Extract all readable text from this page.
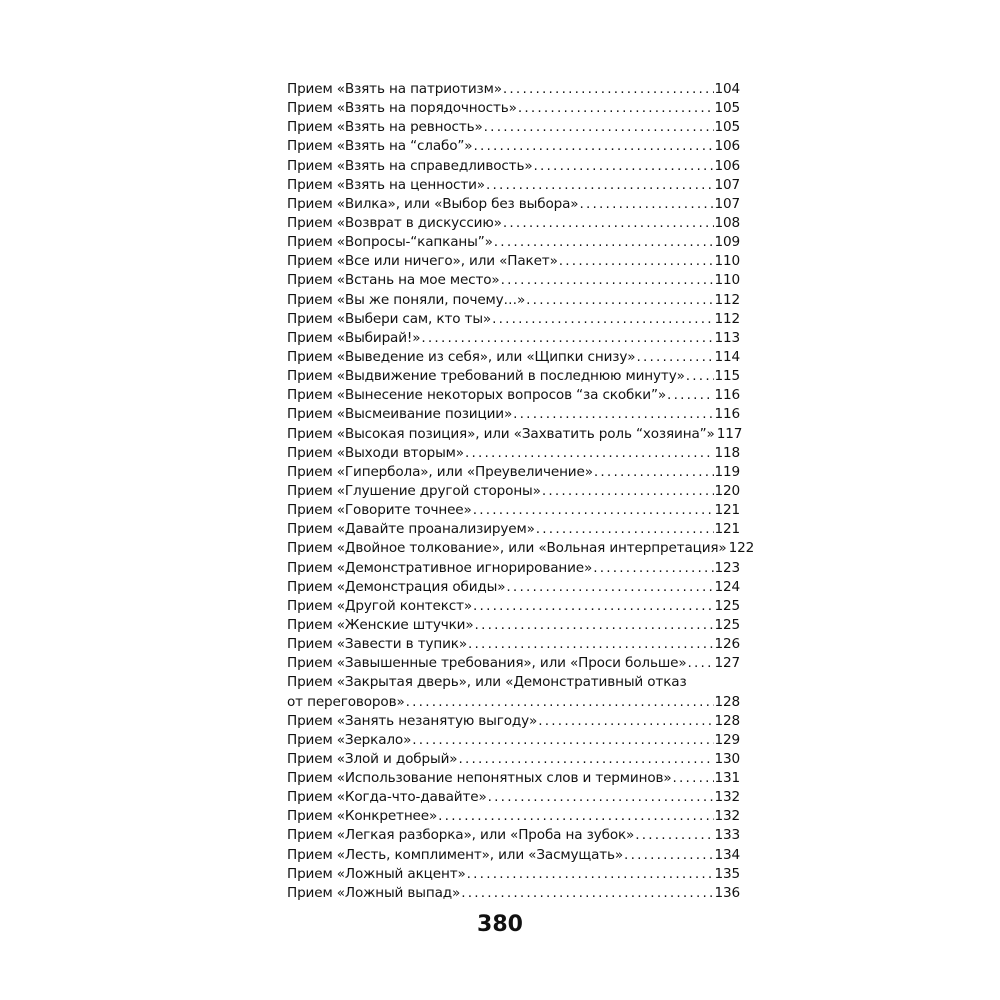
Прием «Взять на патриотизм» .....	104
Прием «Взять на порядочность» .....	105
Прием «Взять на ревность» .....	105
Прием «Взять на “слабо”» .....	106
Прием «Взять на справедливость» .....	106
Прием «Взять на ценности» .....	107
Прием «Вилка», или «Выбор без выбора» .....	107
Прием «Возврат в дискуссию» .....	108
Прием «Вопросы-“капканы”» .....	109
Прием «Все или ничего», или «Пакет» .....	110
Прием «Встань на мое место» .....	110
Прием «Вы же поняли, почему…» .....	112
Прием «Выбери сам, кто ты» .....	112
Прием «Выбирай!» .....	113
Прием «Выведение из себя», или «Щипки снизу» .....	114
Прием «Выдвижение требований в последнюю минуту» ..... 115
Прием «Вынесение некоторых вопросов “за скобки”» .....	116
Прием «Высмеивание позиции» .....	116
Прием «Высокая позиция», или «Захватить роль “хозяина”» 117
Прием «Выходи вторым» .....	118
Прием «Гипербола», или «Преувеличение» .....	119
Прием «Глушение другой стороны» .....	120
Прием «Говорите точнее» .....	121
Прием «Давайте проанализируем» .....	121
Прием «Двойное толкование», или «Вольная интерпретация» 122
Прием «Демонстративное игнорирование» .....	123
Прием «Демонстрация обиды» .....	124
Прием «Другой контекст» .....	125
Прием «Женские штучки» .....	125
Прием «Завести в тупик» .....	126
Прием «Завышенные требования», или «Проси больше» ..... 127
Прием «Закрытая дверь», или «Демонстративный отказ
от переговоров» .....	128
Прием «Занять незанятую выгоду» .....	128
Прием «Зеркало» .....	129
Прием «Злой и добрый» .....	130
Прием «Использование непонятных слов и терминов» .....	131
Прием «Когда-что-давайте» .....	132
Прием «Конкретнее» .....	132
Прием «Легкая разборка», или «Проба на зубок» .....	133
Прием «Лесть, комплимент», или «Засмущать» .....	134
Прием «Ложный акцент» .....	135
Прием «Ложный выпад» .....	136
380
